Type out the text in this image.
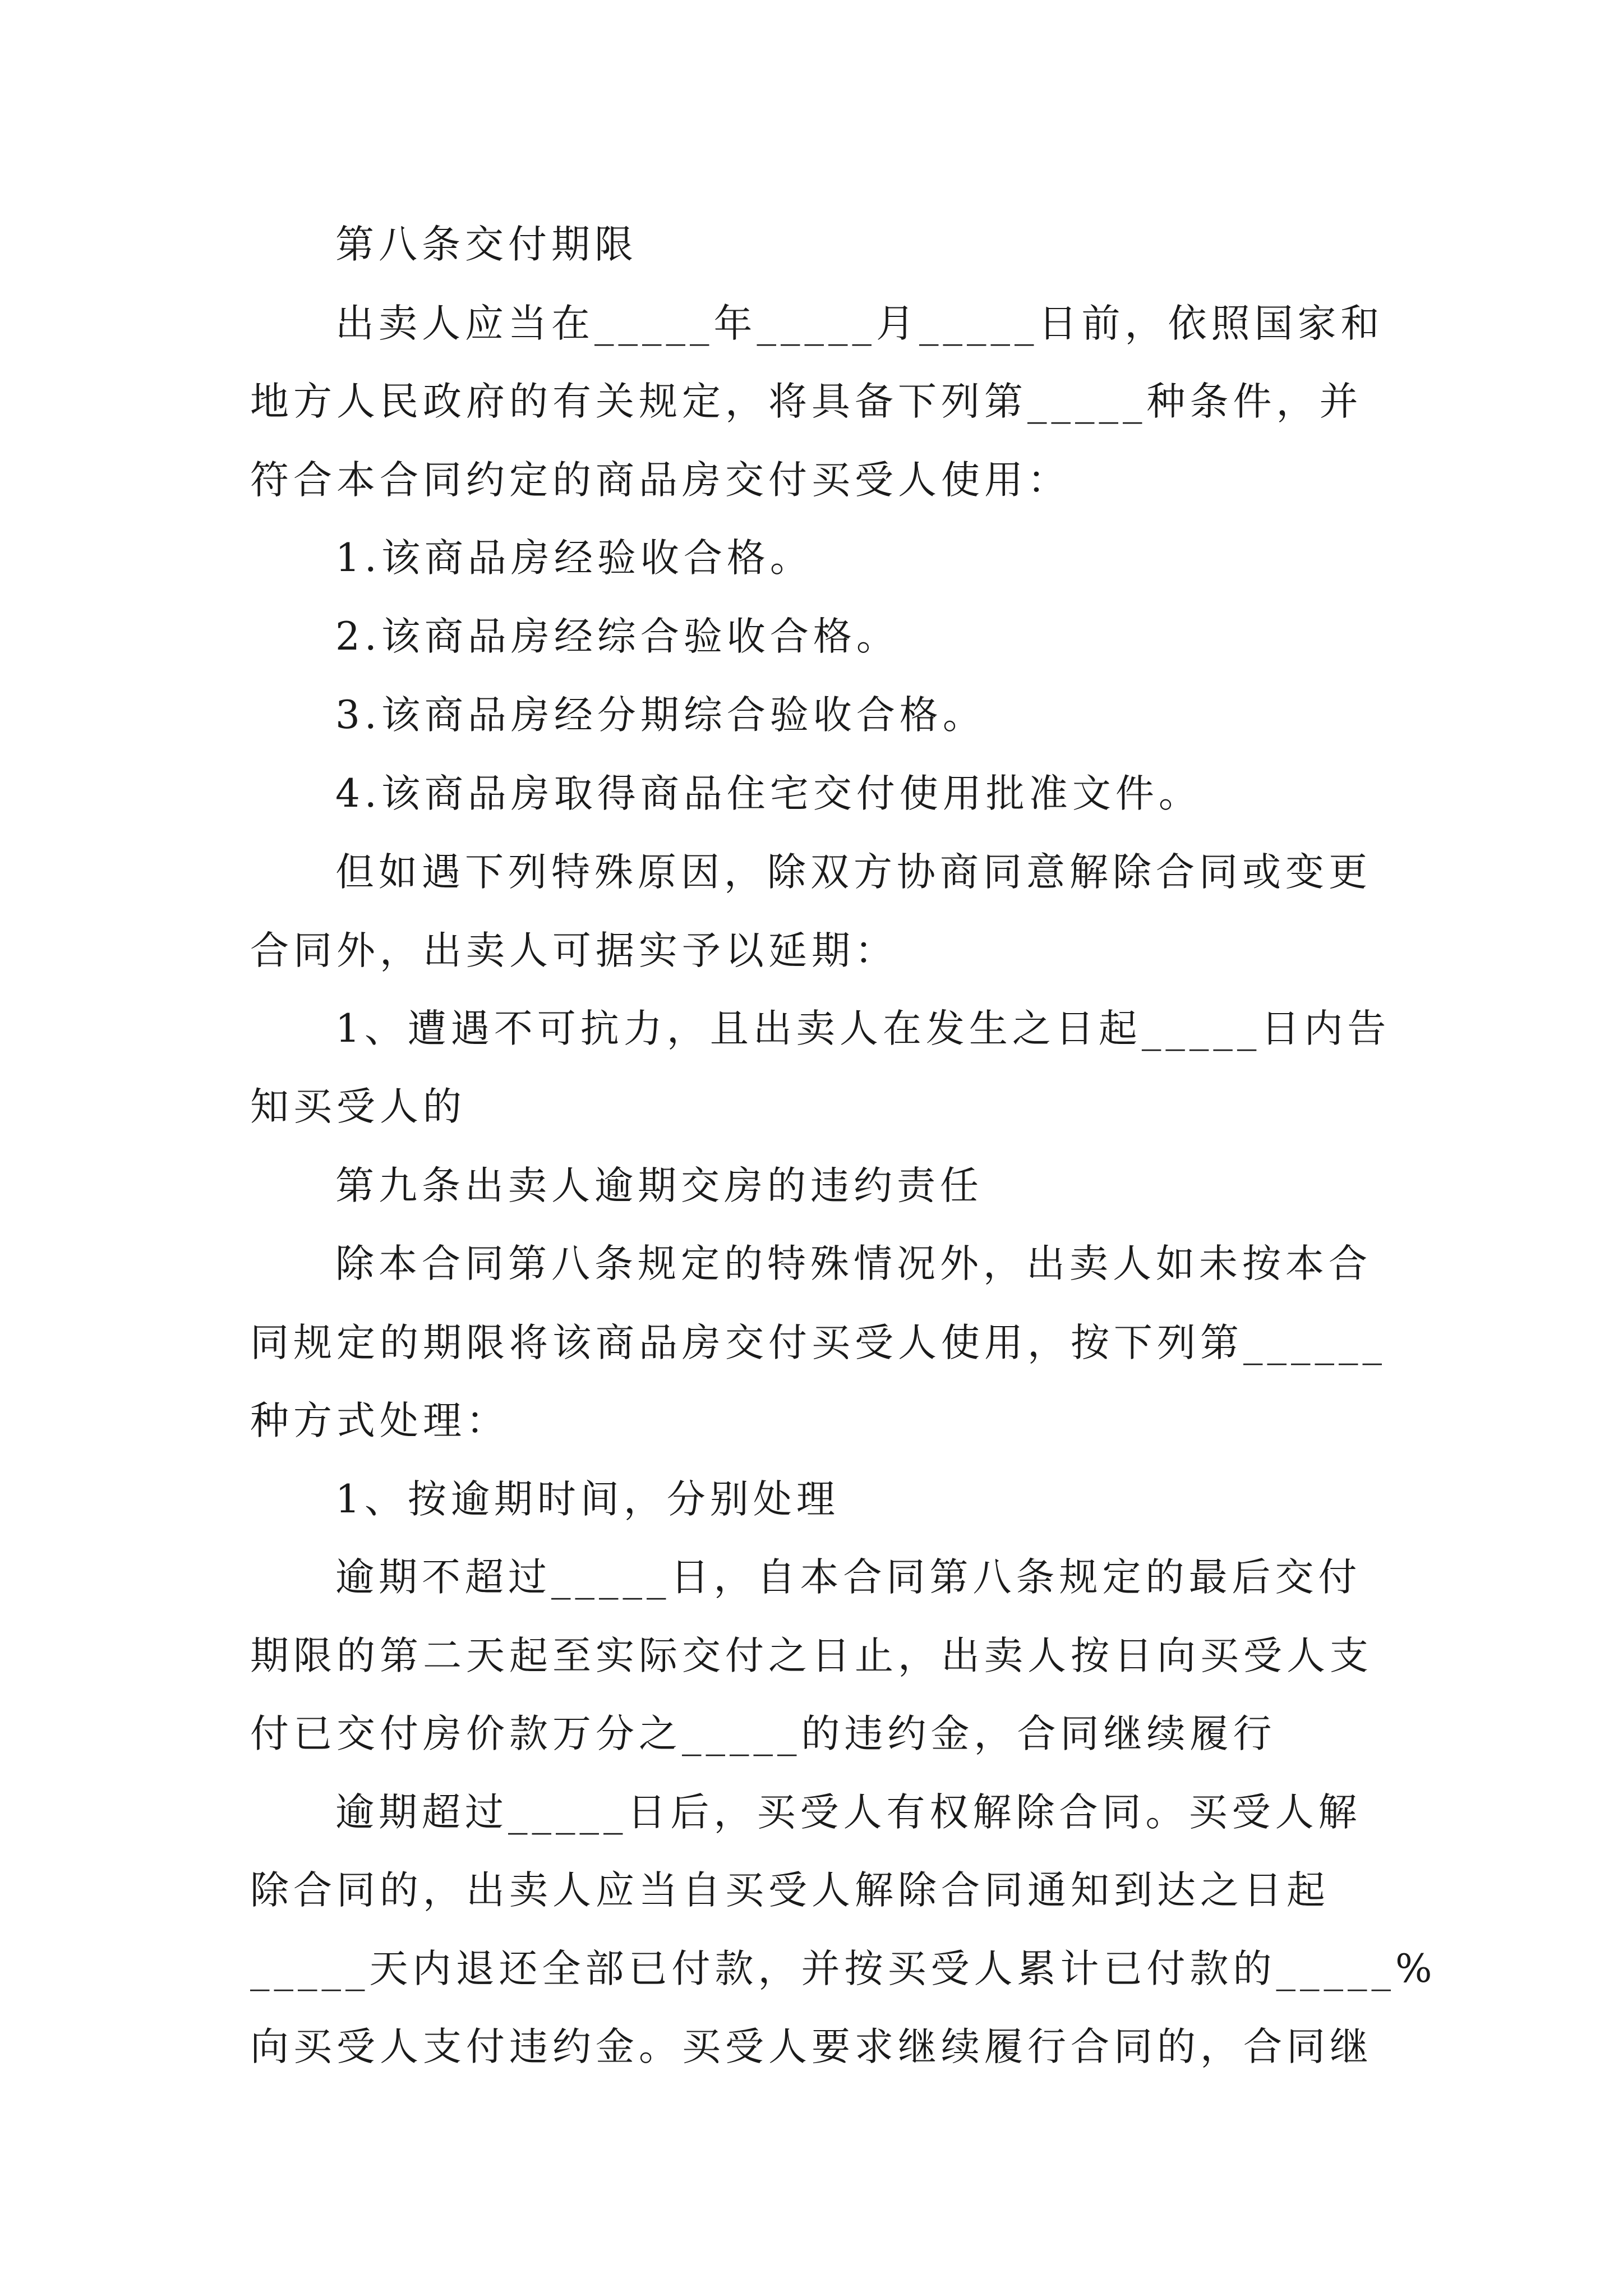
第八条交付期限
出卖人应当在_____年_____月_____日前，依照国家和
地方人民政府的有关规定，将具备下列第_____种条件，并
符合本合同约定的商品房交付买受人使用：
1.该商品房经验收合格。
2.该商品房经综合验收合格。
3.该商品房经分期综合验收合格。
4.该商品房取得商品住宅交付使用批准文件。
但如遇下列特殊原因，除双方协商同意解除合同或变更
合同外，出卖人可据实予以延期：
1、遭遇不可抗力，且出卖人在发生之日起_____日内告
知买受人的
第九条出卖人逾期交房的违约责任
除本合同第八条规定的特殊情况外，出卖人如未按本合
同规定的期限将该商品房交付买受人使用，按下列第______
种方式处理：
1、按逾期时间，分别处理
逾期不超过_____日，自本合同第八条规定的最后交付
期限的第二天起至实际交付之日止，出卖人按日向买受人支
付已交付房价款万分之_____的违约金，合同继续履行
逾期超过_____日后，买受人有权解除合同。买受人解
除合同的，出卖人应当自买受人解除合同通知到达之日起
_____天内退还全部已付款，并按买受人累计已付款的_____%
向买受人支付违约金。买受人要求继续履行合同的，合同继
